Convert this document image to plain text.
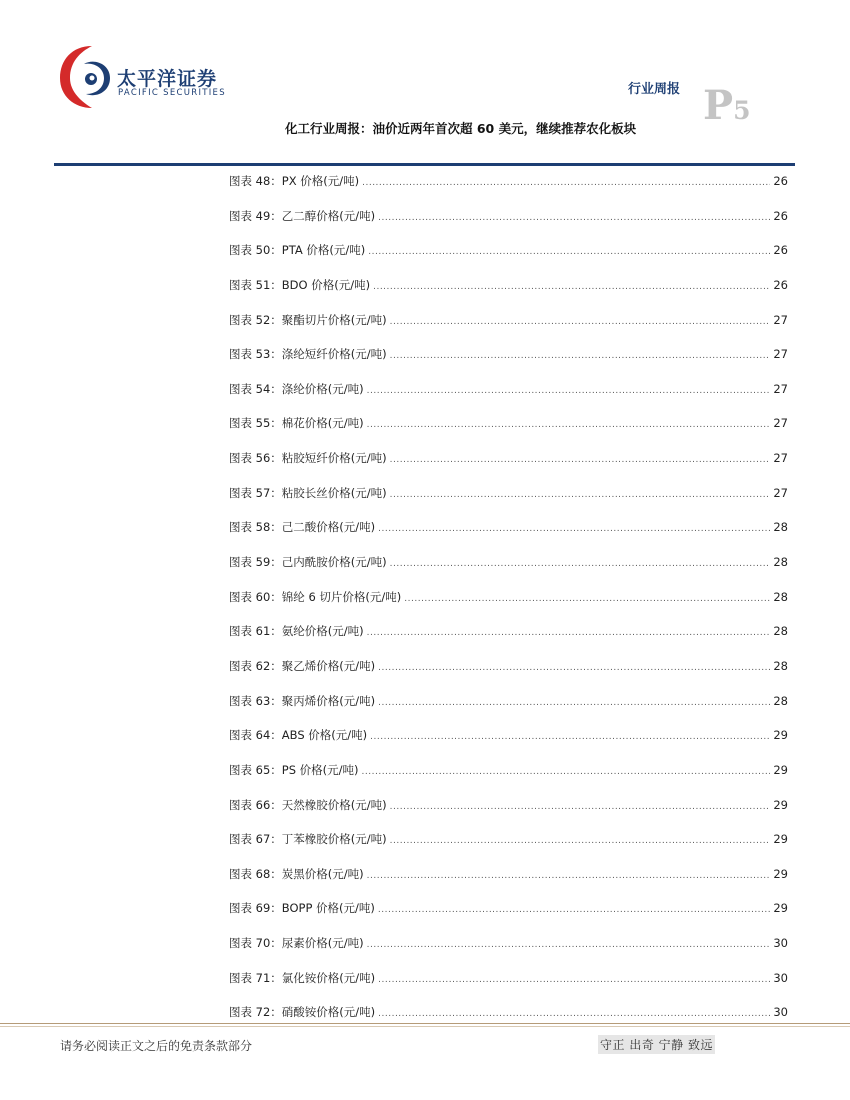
太平洋证券
PACIFIC SECURITIES	行业周报 P5
化工行业周报：油价近两年首次超 60 美元，继续推荐农化板块
图表 48：PX 价格(元/吨) .....	26
图表 49：乙二醇价格(元/吨) .....	26
图表 50：PTA 价格(元/吨) .....	26
图表 51：BDO 价格(元/吨) .....	26
图表 52：聚酯切片价格(元/吨) .....	27
图表 53：涤纶短纤价格(元/吨) .....	27
图表 54：涤纶价格(元/吨) .....	27
图表 55：棉花价格(元/吨) .....	27
图表 56：粘胶短纤价格(元/吨) .....	27
图表 57：粘胶长丝价格(元/吨) .....	27
图表 58：己二酸价格(元/吨) .....	28
图表 59：己内酰胺价格(元/吨) .....	28
图表 60：锦纶 6 切片价格(元/吨) .....	28
图表 61：氨纶价格(元/吨) .....	28
图表 62：聚乙烯价格(元/吨) .....	28
图表 63：聚丙烯价格(元/吨) .....	28
图表 64：ABS 价格(元/吨) .....	29
图表 65：PS 价格(元/吨) .....	29
图表 66：天然橡胶价格(元/吨) .....	29
图表 67：丁苯橡胶价格(元/吨) .....	29
图表 68：炭黑价格(元/吨) .....	29
图表 69：BOPP 价格(元/吨) .....	29
图表 70：尿素价格(元/吨) .....	30
图表 71：氯化铵价格(元/吨) .....	30
图表 72：硝酸铵价格(元/吨) .....	30
请务必阅读正文之后的免责条款部分	守正 出奇 宁静 致远
